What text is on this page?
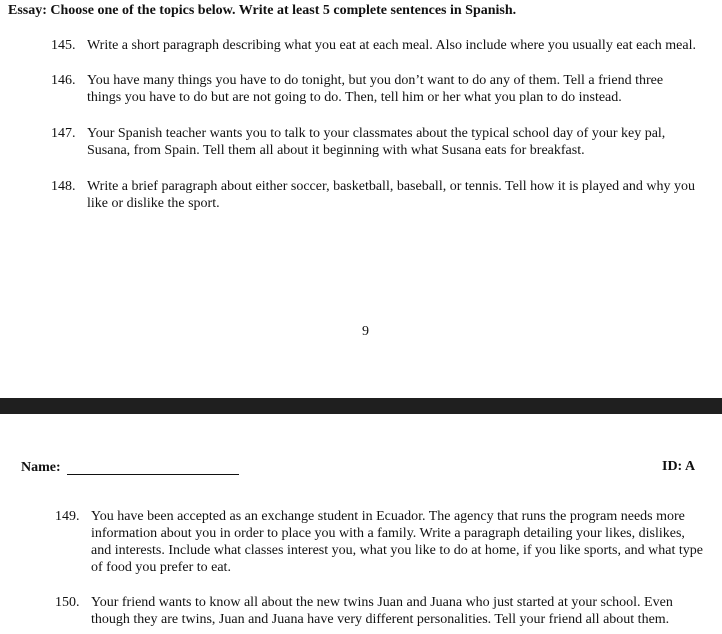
Essay: Choose one of the topics below. Write at least 5 complete sentences in Spanish.
145. Write a short paragraph describing what you eat at each meal. Also include where you usually eat each meal.
146. You have many things you have to do tonight, but you don’t want to do any of them. Tell a friend three
things you have to do but are not going to do. Then, tell him or her what you plan to do instead.
147. Your Spanish teacher wants you to talk to your classmates about the typical school day of your key pal,
Susana, from Spain. Tell them all about it beginning with what Susana eats for breakfast.
148. Write a brief paragraph about either soccer, basketball, baseball, or tennis. Tell how it is played and why you
like or dislike the sport.
9
Name:	ID: A
149. You have been accepted as an exchange student in Ecuador. The agency that runs the program needs more
information about you in order to place you with a family. Write a paragraph detailing your likes, dislikes,
and interests. Include what classes interest you, what you like to do at home, if you like sports, and what type
of food you prefer to eat.
150. Your friend wants to know all about the new twins Juan and Juana who just started at your school. Even
though they are twins, Juan and Juana have very different personalities. Tell your friend all about them.
